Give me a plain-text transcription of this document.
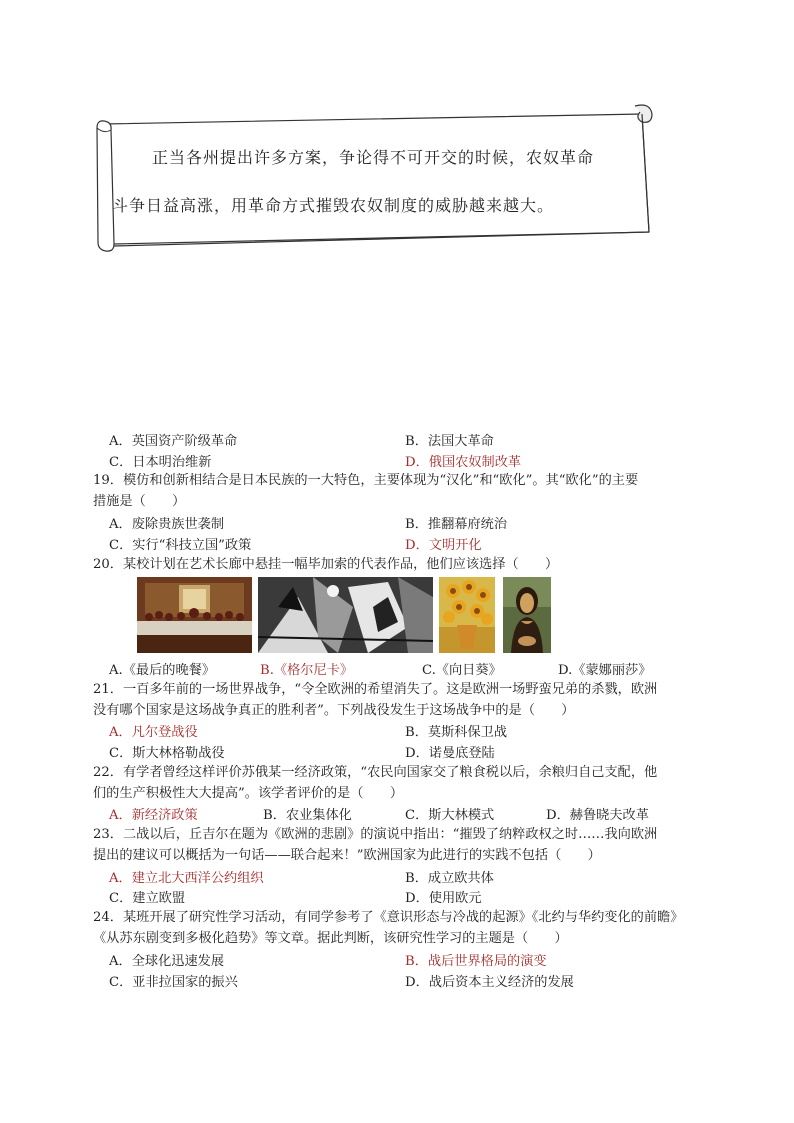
正当各州提出许多方案，争论得不可开交的时候，农奴革命
斗争日益高涨，用革命方式摧毁农奴制度的威胁越来越大。
A．英国资产阶级革命	B．法国大革命
C．日本明治维新	D．俄国农奴制改革
19．模仿和创新相结合是日本民族的一大特色，主要体现为“汉化”和“欧化”。其“欧化”的主要
措施是（　　）
A．废除贵族世袭制	B．推翻幕府统治
C．实行“科技立国”政策	D．文明开化
20．某校计划在艺术长廊中悬挂一幅毕加索的代表作品，他们应该选择（　　）
A.《最后的晚餐》	B.《格尔尼卡》	C.《向日葵》	D.《蒙娜丽莎》
21．一百多年前的一场世界战争，“令全欧洲的希望消失了。这是欧洲一场野蛮兄弟的杀戮，欧洲
没有哪个国家是这场战争真正的胜利者”。下列战役发生于这场战争中的是（　　）
A．凡尔登战役	B．莫斯科保卫战
C．斯大林格勒战役	D．诺曼底登陆
22．有学者曾经这样评价苏俄某一经济政策，“农民向国家交了粮食税以后，余粮归自己支配，他
们的生产积极性大大提高”。该学者评价的是（　　）
A．新经济政策	B．农业集体化	C．斯大林模式	D．赫鲁晓夫改革
23．二战以后，丘吉尔在题为《欧洲的悲剧》的演说中指出：“摧毁了纳粹政权之时……我向欧洲
提出的建议可以概括为一句话——联合起来！”欧洲国家为此进行的实践不包括（　　）
A．建立北大西洋公约组织	B．成立欧共体
C．建立欧盟	D．使用欧元
24．某班开展了研究性学习活动，有同学参考了《意识形态与冷战的起源》《北约与华约变化的前瞻》
《从苏东剧变到多极化趋势》等文章。据此判断，该研究性学习的主题是（　　）
A．全球化迅速发展	B．战后世界格局的演变
C．亚非拉国家的振兴	D．战后资本主义经济的发展
